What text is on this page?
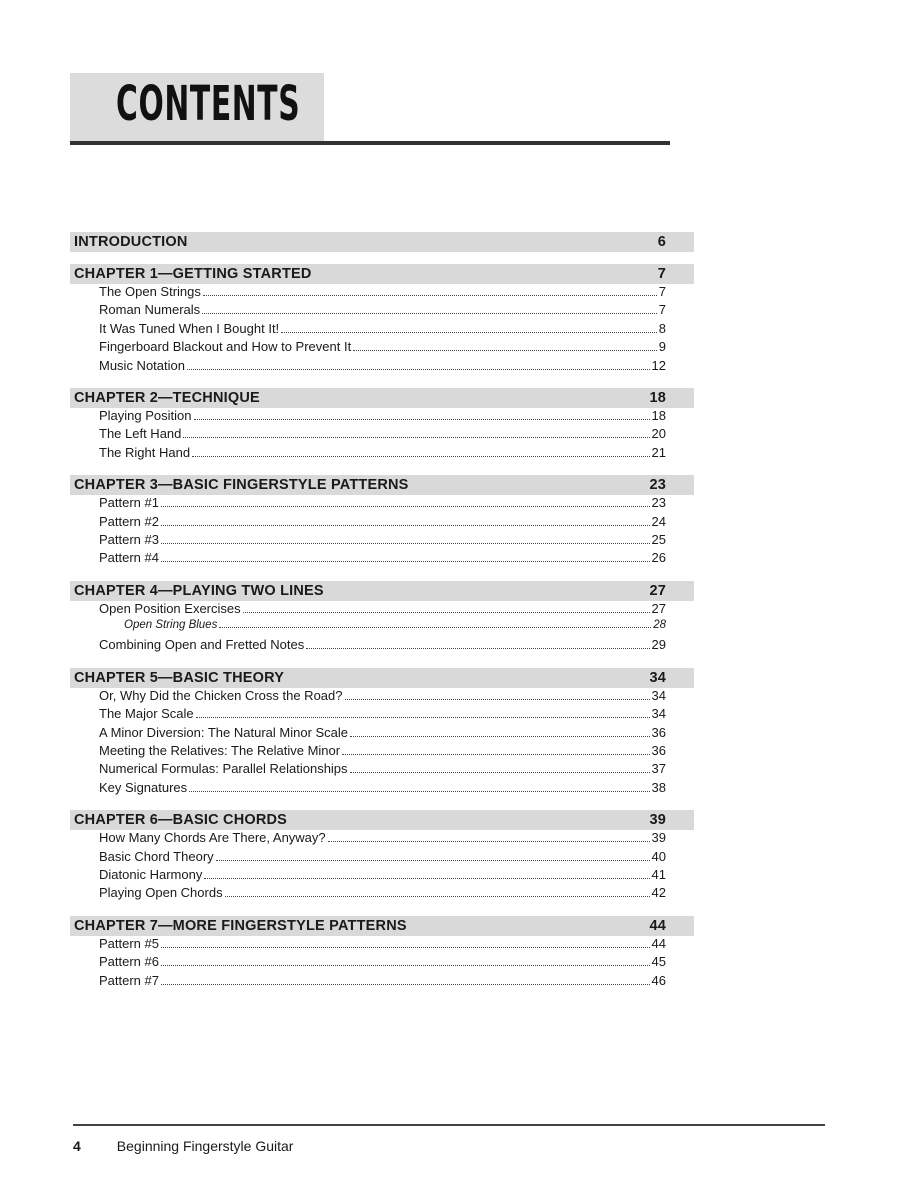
CONTENTS
INTRODUCTION	6
CHAPTER 1—GETTING STARTED	7
The Open Strings	7
Roman Numerals	7
It Was Tuned When I Bought It!	8
Fingerboard Blackout and How to Prevent It	9
Music Notation	12
CHAPTER 2—TECHNIQUE	18
Playing Position	18
The Left Hand	20
The Right Hand	21
CHAPTER 3—BASIC FINGERSTYLE PATTERNS	23
Pattern #1	23
Pattern #2	24
Pattern #3	25
Pattern #4	26
CHAPTER 4—PLAYING TWO LINES	27
Open Position Exercises	27
Open String Blues	28
Combining Open and Fretted Notes	29
CHAPTER 5—BASIC THEORY	34
Or, Why Did the Chicken Cross the Road?	34
The Major Scale	34
A Minor Diversion: The Natural Minor Scale	36
Meeting the Relatives: The Relative Minor	36
Numerical Formulas: Parallel Relationships	37
Key Signatures	38
CHAPTER 6—BASIC CHORDS	39
How Many Chords Are There, Anyway?	39
Basic Chord Theory	40
Diatonic Harmony	41
Playing Open Chords	42
CHAPTER 7—MORE FINGERSTYLE PATTERNS	44
Pattern #5	44
Pattern #6	45
Pattern #7	46
4	Beginning Fingerstyle Guitar
